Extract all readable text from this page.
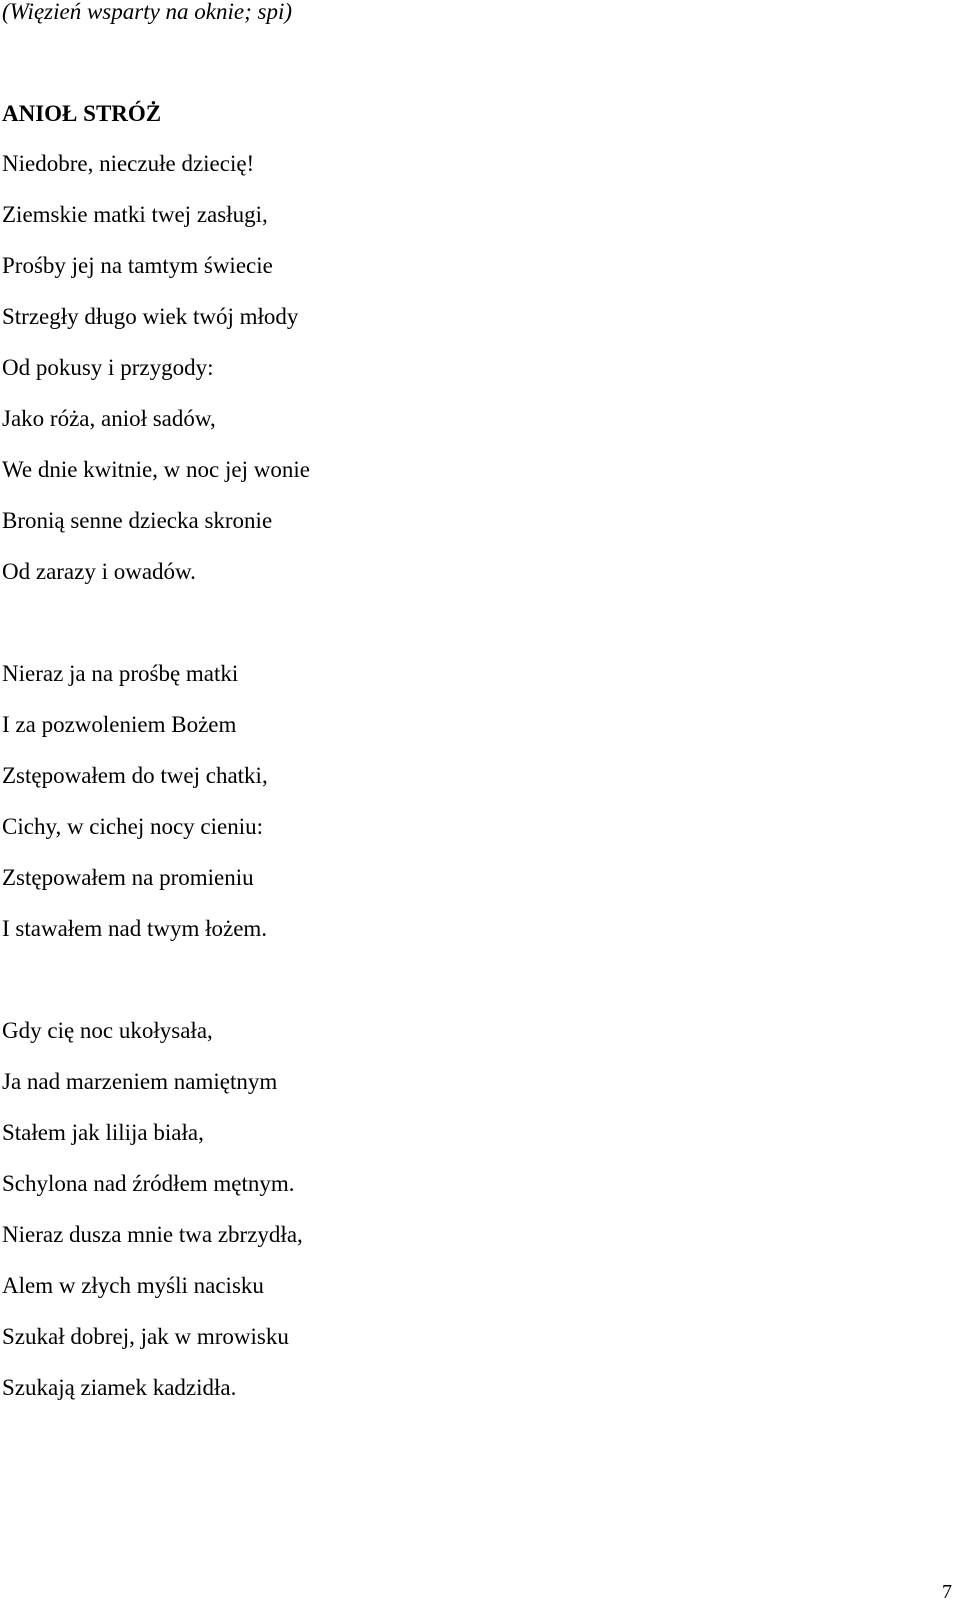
(Więzień wsparty na oknie; spi)
ANIOŁ STRÓŻ
Niedobre, nieczułe dziecię!
Ziemskie matki twej zasługi,
Prośby jej na tamtym świecie
Strzegły długo wiek twój młody
Od pokusy i przygody:
Jako róża, anioł sadów,
We dnie kwitnie, w noc jej wonie
Bronią senne dziecka skronie
Od zarazy i owadów.
Nieraz ja na prośbę matki
I za pozwoleniem Bożem
Zstępowałem do twej chatki,
Cichy, w cichej nocy cieniu:
Zstępowałem na promieniu
I stawałem nad twym łożem.
Gdy cię noc ukołysała,
Ja nad marzeniem namiętnym
Stałem jak lilija biała,
Schylona nad źródłem mętnym.
Nieraz dusza mnie twa zbrzydła,
Alem w złych myśli nacisku
Szukał dobrej, jak w mrowisku
Szukają ziamek kadzidła.
7
